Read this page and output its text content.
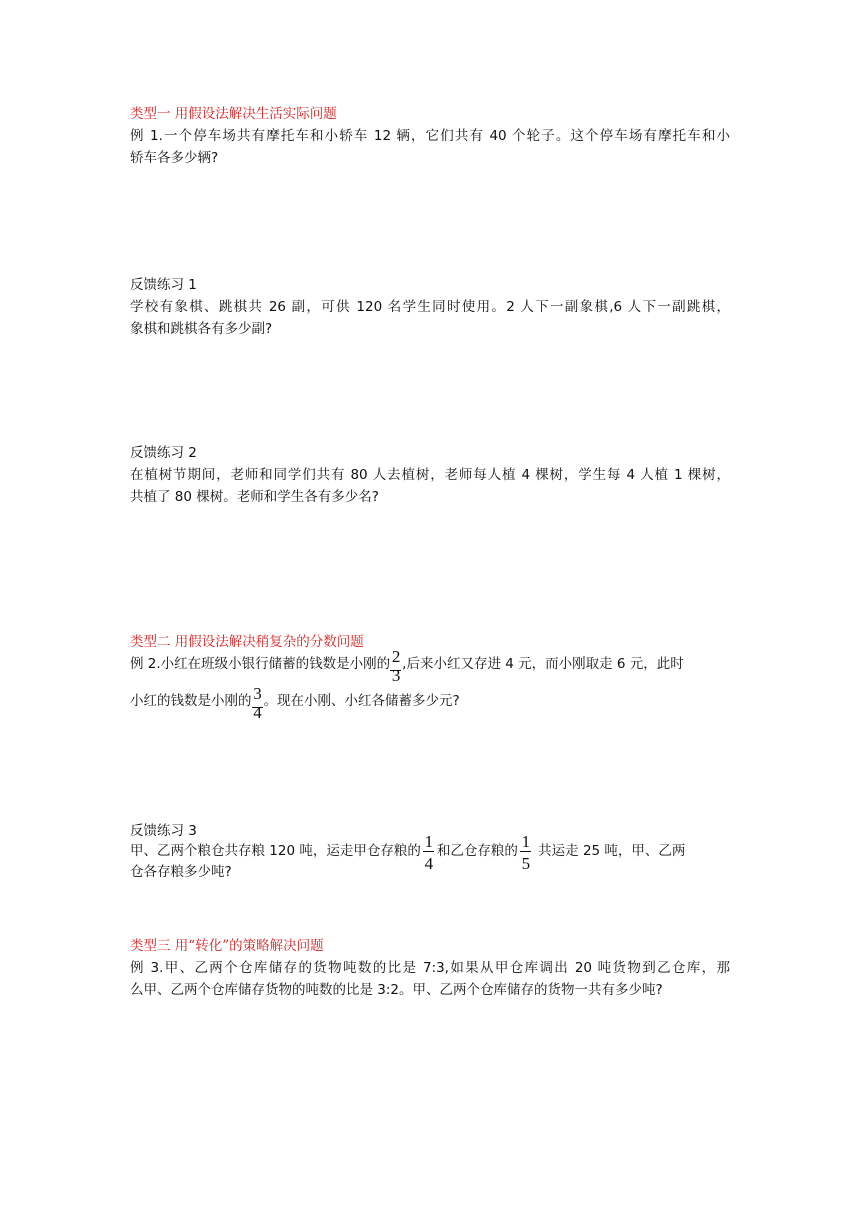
类型一 用假设法解决生活实际问题
例 1.一个停车场共有摩托车和小轿车 12 辆，它们共有 40 个轮子。这个停车场有摩托车和小
轿车各多少辆?
反馈练习 1
学校有象棋、跳棋共 26 副，可供 120 名学生同时使用。2 人下一副象棋,6 人下一副跳棋，
象棋和跳棋各有多少副?
反馈练习 2
在植树节期间，老师和同学们共有 80 人去植树，老师每人植 4 棵树，学生每 4 人植 1 棵树，
共植了 80 棵树。老师和学生各有多少名?
类型二 用假设法解决稍复杂的分数问题
例 2.小红在班级小银行储蓄的钱数是小刚的 $\frac{2}{3}$ ,后来小红又存进 4 元，而小刚取走 6 元，此时
小红的钱数是小刚的 $\frac{3}{4}$ 。现在小刚、小红各储蓄多少元?
反馈练习 3
甲、乙两个粮仓共存粮 120 吨，运走甲仓存粮的 $\frac{1}{4}$ 和乙仓存粮的 $\frac{1}{5}$ 共运走 25 吨，甲、乙两
仓各存粮多少吨?
类型三 用“转化”的策略解决问题
例 3.甲、乙两个仓库储存的货物吨数的比是 7:3,如果从甲仓库调出 20 吨货物到乙仓库，那
么甲、乙两个仓库储存货物的吨数的比是 3:2。甲、乙两个仓库储存的货物一共有多少吨?
